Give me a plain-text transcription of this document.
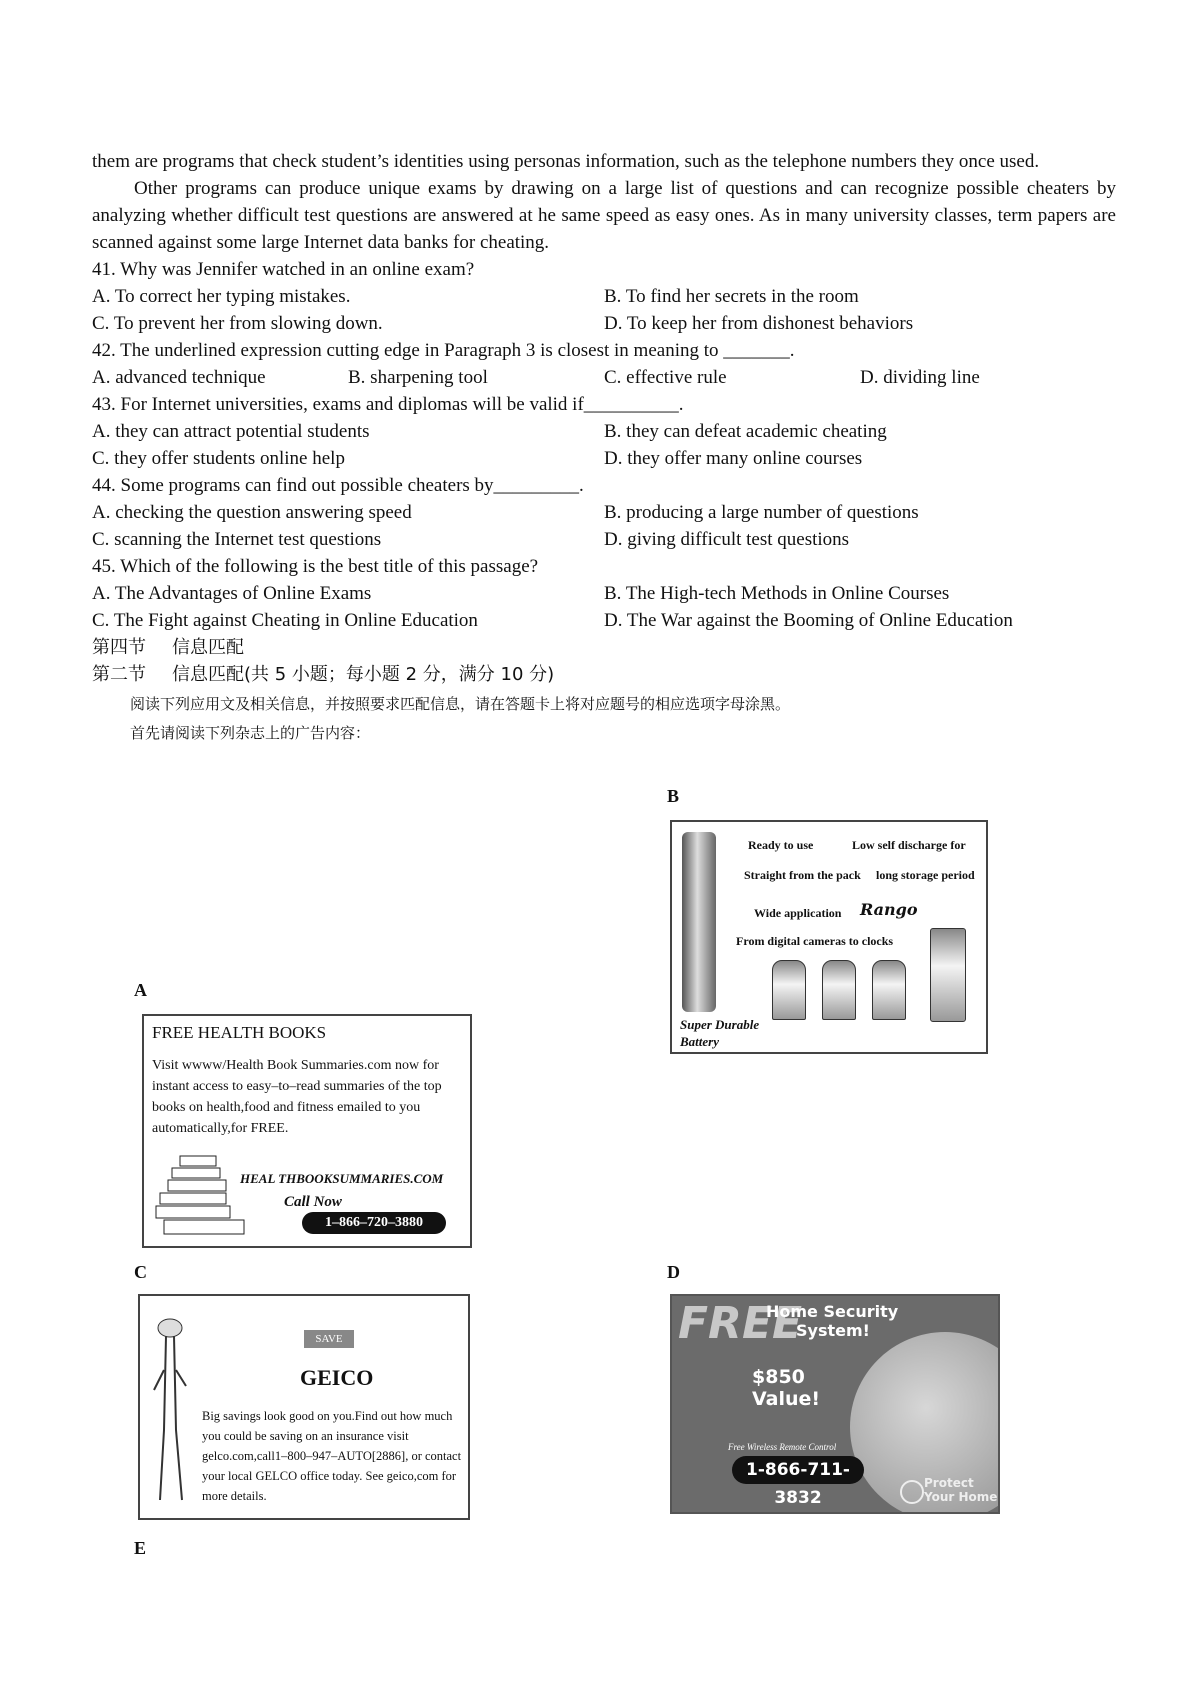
them are programs that check student’s identities using personas information, such as the telephone numbers they once used.

Other programs can produce unique exams by drawing on a large list of questions and can recognize possible cheaters by analyzing whether difficult test questions are answered at he same speed as easy ones. As in many university classes, term papers are scanned against some large Internet data banks for cheating.

41. Why was Jennifer watched in an online exam?

A. To correct her typing mistakes.	B. To find her secrets in the room
C. To prevent her from slowing down.	D. To keep her from dishonest behaviors

42. The underlined expression cutting edge in Paragraph 3 is closest in meaning to _______.

A. advanced technique	B. sharpening tool	C. effective rule	D. dividing line

43. For Internet universities, exams and diplomas will be valid if__________.

A. they can attract potential students	B. they can defeat academic cheating
C. they offer students online help	D. they offer many online courses

44. Some programs can find out possible cheaters by_________.

A. checking the question answering speed	B. producing a large number of questions
C. scanning the Internet test questions	D. giving difficult test questions

45. Which of the following is the best title of this passage?

A. The Advantages of Online Exams	B. The High-tech Methods in Online Courses
C. The Fight against Cheating in Online Education	D. The War against the Booming of Online Education

第四节 信息匹配

第二节 信息匹配(共 5 小题；每小题 2 分，满分 10 分)

阅读下列应用文及相关信息，并按照要求匹配信息，请在答题卡上将对应题号的相应选项字母涂黑。

首先请阅读下列杂志上的广告内容：

B
A
C	D
E
Ready to use	Low self discharge for
Straight from the pack long storage period
Wide application Rango
From digital cameras to clocks
Super Durable
Battery

FREE HEALTH BOOKS

Visit wwww/Health Book Summaries.com now for instant access to easy–to–read summaries of the top books on health,food and fitness emailed to you automatically,for FREE.

HEAL THBOOKSUMMARIES.COM
Call Now
1–866–720–3880
SAVE
GEICO
Big savings look good on you.Find out how much you could be saving on an insurance visit gelco.com,call1–800–947–AUTO[2886], or contact your local GELCO office today. See geico,com for more details.
FREE
Home Security
System!
$850
Value!
Free Wireless Remote Control
1-866-711-3832
Protect
Your Home
